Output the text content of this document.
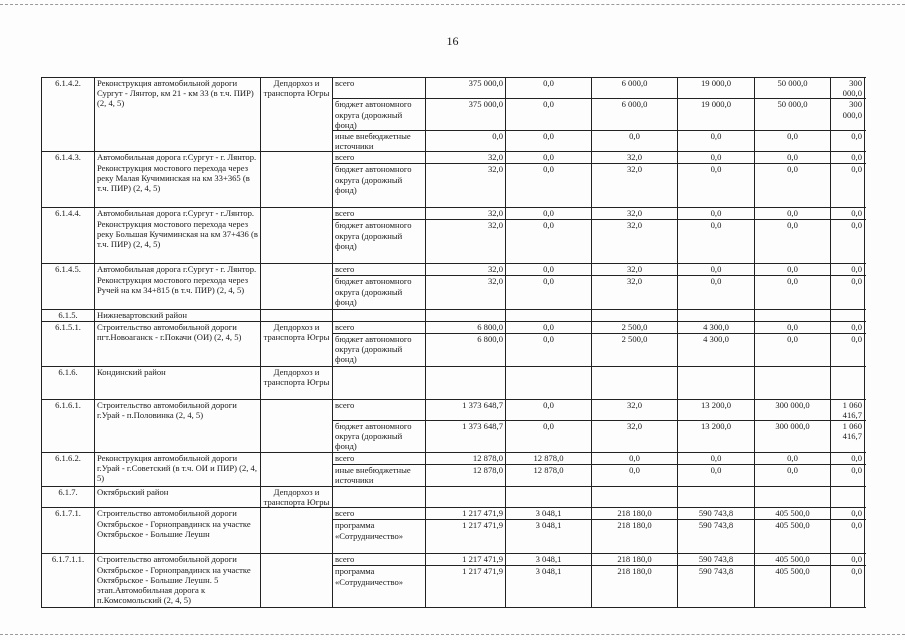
16
6.1.4.2.	Реконструкция автомобильной дороги Сургут - Лянтор, км 21 - км 33 (в т.ч. ПИР) (2, 4, 5)	Депдорхоз и транспорта Югры	всего	375 000,0	0,0	6 000,0	19 000,0	50 000,0	300 000,0
			бюджет автономного округа (дорожный фонд)	375 000,0	0,0	6 000,0	19 000,0	50 000,0	300 000,0
			иные внебюджетные источники	0,0	0,0	0,0	0,0	0,0	0,0
6.1.4.3.	Автомобильная дорога г.Сургут - г. Лянтор. Реконструкция мостового перехода через реку Малая Кучиминская на км 33+365 (в т.ч. ПИР) (2, 4, 5)		всего	32,0	0,0	32,0	0,0	0,0	0,0
			бюджет автономного округа (дорожный фонд)	32,0	0,0	32,0	0,0	0,0	0,0
6.1.4.4.	Автомобильная дорога г.Сургут - г.Лянтор. Реконструкция мостового перехода через реку Большая Кучиминская на км 37+436 (в т.ч. ПИР) (2, 4, 5)		всего	32,0	0,0	32,0	0,0	0,0	0,0
			бюджет автономного округа (дорожный фонд)	32,0	0,0	32,0	0,0	0,0	0,0
6.1.4.5.	Автомобильная дорога г.Сургут - г. Лянтор. Реконструкция мостового перехода через Ручей на км 34+815 (в т.ч. ПИР) (2, 4, 5)		всего	32,0	0,0	32,0	0,0	0,0	0,0
			бюджет автономного округа (дорожный фонд)	32,0	0,0	32,0	0,0	0,0	0,0
6.1.5.	Нижневартовский район								
6.1.5.1.	Строительство автомобильной дороги пгт.Новоаганск - г.Покачи (ОИ) (2, 4, 5)	Депдорхоз и транспорта Югры	всего	6 800,0	0,0	2 500,0	4 300,0	0,0	0,0
			бюджет автономного округа (дорожный фонд)	6 800,0	0,0	2 500,0	4 300,0	0,0	0,0
6.1.6.	Кондинский район	Депдорхоз и транспорта Югры							
6.1.6.1.	Строительство автомобильной дороги г.Урай - п.Половинка (2, 4, 5)		всего	1 373 648,7	0,0	32,0	13 200,0	300 000,0	1 060 416,7
			бюджет автономного округа (дорожный фонд)	1 373 648,7	0,0	32,0	13 200,0	300 000,0	1 060 416,7
6.1.6.2.	Реконструкция автомобильной дороги г.Урай - г.Советский (в т.ч. ОИ и ПИР) (2, 4, 5)		всего	12 878,0	12 878,0	0,0	0,0	0,0	0,0
			иные внебюджетные источники	12 878,0	12 878,0	0,0	0,0	0,0	0,0
6.1.7.	Октябрьский район	Депдорхоз и транспорта Югры							
6.1.7.1.	Строительство автомобильной дороги Октябрьское - Горноправдинск на участке Октябрьское - Большие Леушн		всего	1 217 471,9	3 048,1	218 180,0	590 743,8	405 500,0	0,0
			программа «Сотрудничество»	1 217 471,9	3 048,1	218 180,0	590 743,8	405 500,0	0,0
6.1.7.1.1.	Строительство автомобильной дороги Октябрьское - Горноправдинск на участке Октябрьское - Большие Леушн. 5 этап.Автомобильная дорога к п.Комсомольский (2, 4, 5)		всего	1 217 471,9	3 048,1	218 180,0	590 743,8	405 500,0	0,0
			программа «Сотрудничество»	1 217 471,9	3 048,1	218 180,0	590 743,8	405 500,0	0,0
